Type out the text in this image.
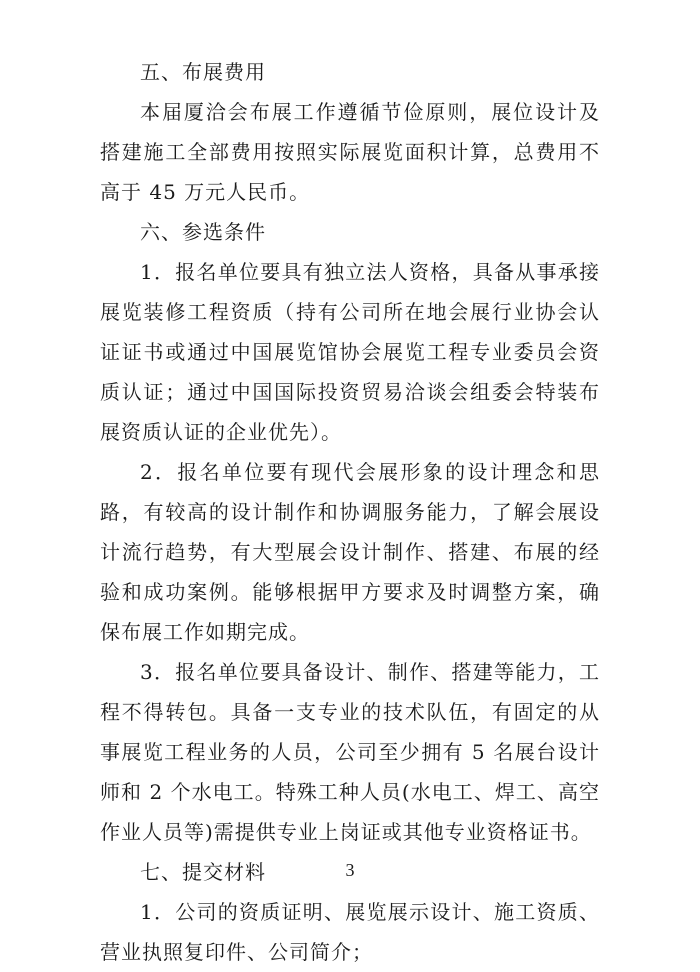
五、布展费用

本届厦洽会布展工作遵循节俭原则，展位设计及搭建施工全部费用按照实际展览面积计算，总费用不高于 45 万元人民币。

六、参选条件

1．报名单位要具有独立法人资格，具备从事承接展览装修工程资质（持有公司所在地会展行业协会认证证书或通过中国展览馆协会展览工程专业委员会资质认证；通过中国国际投资贸易洽谈会组委会特装布展资质认证的企业优先）。

2．报名单位要有现代会展形象的设计理念和思路，有较高的设计制作和协调服务能力，了解会展设计流行趋势，有大型展会设计制作、搭建、布展的经验和成功案例。能够根据甲方要求及时调整方案，确保布展工作如期完成。

3．报名单位要具备设计、制作、搭建等能力，工程不得转包。具备一支专业的技术队伍，有固定的从事展览工程业务的人员，公司至少拥有 5 名展台设计师和 2 个水电工。特殊工种人员(水电工、焊工、高空作业人员等)需提供专业上岗证或其他专业资格证书。

七、提交材料

1．公司的资质证明、展览展示设计、施工资质、营业执照复印件、公司简介；

3
